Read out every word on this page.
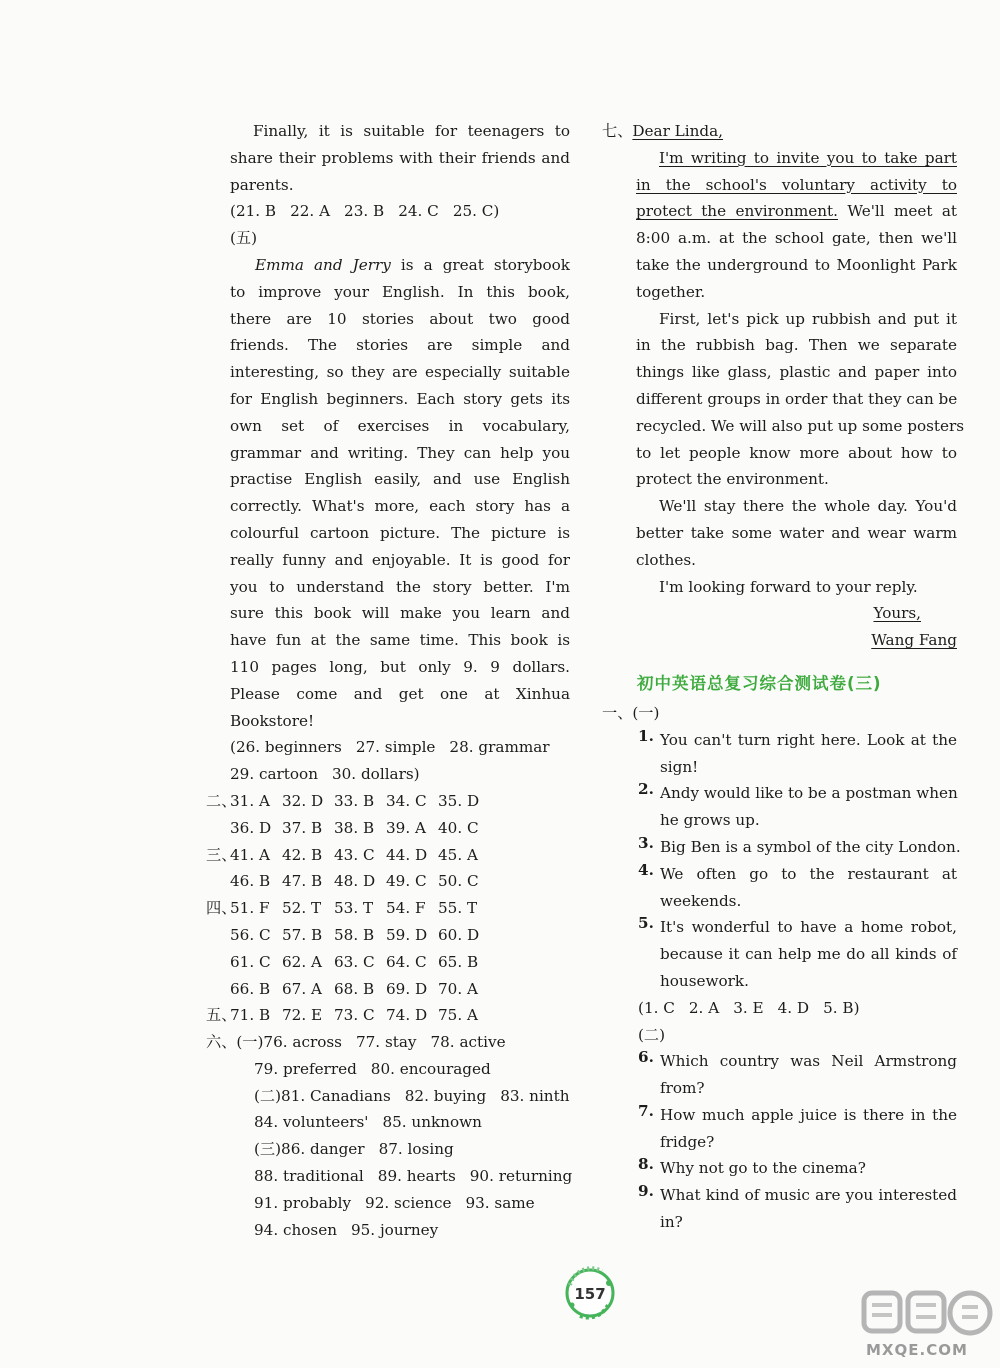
Finally, it is suitable for teenagers to
share their problems with their friends and
parents.
(21. B 22. A 23. B 24. C 25. C)
(五)
Emma and Jerry is a great storybook
to improve your English. In this book,
there are 10 stories about two good
friends. The stories are simple and
interesting, so they are especially suitable
for English beginners. Each story gets its
own set of exercises in vocabulary,
grammar and writing. They can help you
practise English easily, and use English
correctly. What's more, each story has a
colourful cartoon picture. The picture is
really funny and enjoyable. It is good for
you to understand the story better. I'm
sure this book will make you learn and
have fun at the same time. This book is
110 pages long, but only 9. 9 dollars.
Please come and get one at Xinhua
Bookstore!
(26. beginners 27. simple 28. grammar
29. cartoon 30. dollars)
二、
31. A 32. D 33. B 34. C 35. D
36. D 37. B 38. B 39. A 40. C
三、
41. A 42. B 43. C 44. D 45. A
46. B 47. B 48. D 49. C 50. C
四、
51. F 52. T 53. T 54. F 55. T
56. C 57. B 58. B 59. D 60. D
61. C 62. A 63. C 64. C 65. B
66. B 67. A 68. B 69. D 70. A
五、
71. B 72. E 73. C 74. D 75. A
六、(一)76. across 77. stay 78. active
79. preferred 80. encouraged
(二)81. Canadians 82. buying 83. ninth
84. volunteers' 85. unknown
(三)86. danger 87. losing
88. traditional 89. hearts 90. returning
91. probably 92. science 93. same
94. chosen 95. journey
七、Dear Linda,
I'm writing to invite you to take part
in the school's voluntary activity to
protect the environment. We'll meet at
8:00 a.m. at the school gate, then we'll
take the underground to Moonlight Park
together.
First, let's pick up rubbish and put it
in the rubbish bag. Then we separate
things like glass, plastic and paper into
different groups in order that they can be
recycled. We will also put up some posters
to let people know more about how to
protect the environment.
We'll stay there the whole day. You'd
better take some water and wear warm
clothes.
I'm looking forward to your reply.
Yours,
Wang Fang
初中英语总复习综合测试卷(三)
一、(一)
1. You can't turn right here. Look at the
sign!
2. Andy would like to be a postman when
he grows up.
3. Big Ben is a symbol of the city London.
4. We often go to the restaurant at
weekends.
5. It's wonderful to have a home robot,
because it can help me do all kinds of
housework.
(1. C 2. A 3. E 4. D 5. B)
(二)
6. Which country was Neil Armstrong
from?
7. How much apple juice is there in the
fridge?
8. Why not go to the cinema?
9. What kind of music are you interested
in?
157
MXQE.COM
